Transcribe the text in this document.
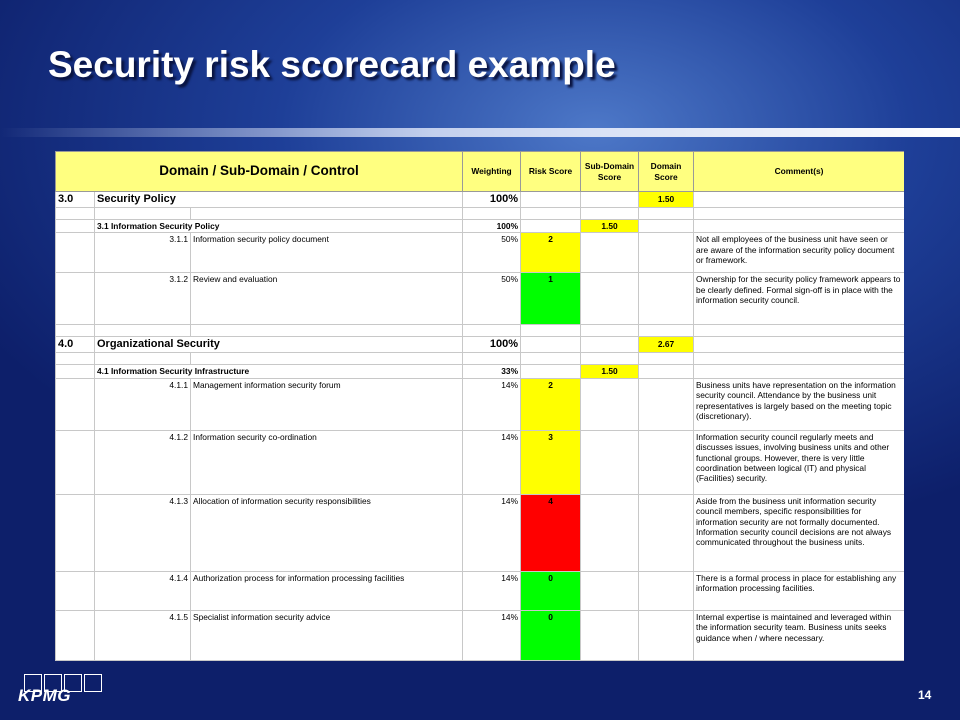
Security risk scorecard example
Domain / Sub-Domain / Control			Weighting	Risk Score	Sub-Domain Score	Domain Score	Comment(s)
3.0	Security Policy		100%			1.50	

	3.1 Information Security Policy		100%		1.50		
	3.1.1	Information security policy document	50%	2			Not all employees of the business unit have seen or are aware of the information security policy document or framework.
	3.1.2	Review and evaluation	50%	1			Ownership for the security policy framework appears to be clearly defined. Formal sign-off is in place with the information security council.

4.0	Organizational Security		100%			2.67	

	4.1 Information Security Infrastructure		33%		1.50		
	4.1.1	Management information security forum	14%	2			Business units have representation on the information security council. Attendance by the business unit representatives is largely based on the meeting topic (discretionary).
	4.1.2	Information security co-ordination	14%	3			Information security council regularly meets and discusses issues, involving business units and other functional groups. However, there is very little coordination between logical (IT) and physical (Facilities) security.
	4.1.3	Allocation of information security responsibilities	14%	4			Aside from the business unit information security council members, specific responsibilities for information security are not formally documented. Information security council decisions are not always communicated throughout the business units.
	4.1.4	Authorization process for information processing facilities	14%	0			There is a formal process in place for establishing any information processing facilities.
	4.1.5	Specialist information security advice	14%	0			Internal expertise is maintained and leveraged within the information security team. Business units seeks guidance when / where necessary.
KPMG	14
